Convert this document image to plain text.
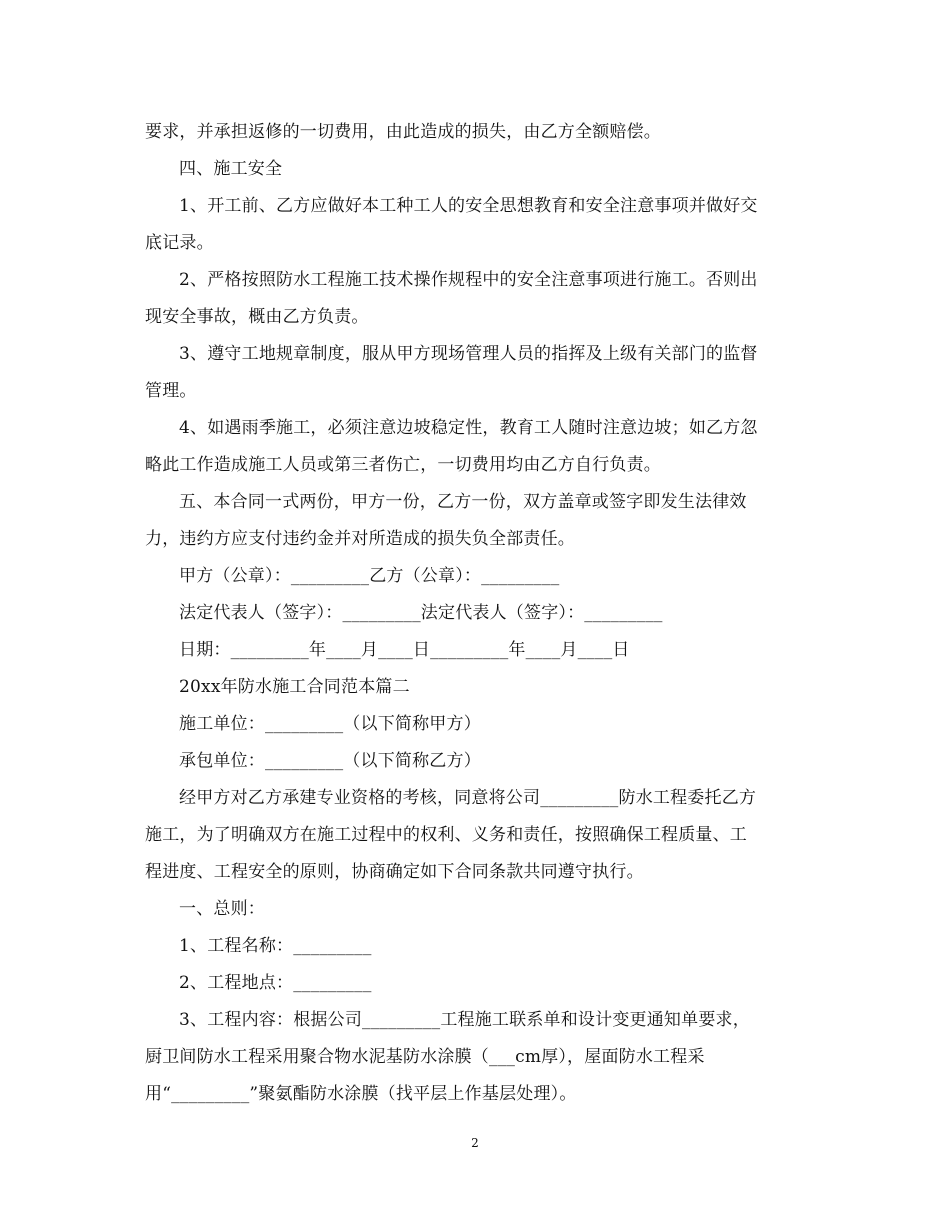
要求，并承担返修的一切费用，由此造成的损失，由乙方全额赔偿。
四、施工安全
1、开工前、乙方应做好本工种工人的安全思想教育和安全注意事项并做好交
底记录。
2、严格按照防水工程施工技术操作规程中的安全注意事项进行施工。否则出
现安全事故，概由乙方负责。
3、遵守工地规章制度，服从甲方现场管理人员的指挥及上级有关部门的监督
管理。
4、如遇雨季施工，必须注意边坡稳定性，教育工人随时注意边坡；如乙方忽
略此工作造成施工人员或第三者伤亡，一切费用均由乙方自行负责。
五、本合同一式两份，甲方一份，乙方一份，双方盖章或签字即发生法律效
力，违约方应支付违约金并对所造成的损失负全部责任。
甲方（公章）：_________乙方（公章）：_________
法定代表人（签字）：_________法定代表人（签字）：_________
日期：_________年____月____日_________年____月____日
20xx年防水施工合同范本篇二
施工单位：_________（以下简称甲方）
承包单位：_________（以下简称乙方）
经甲方对乙方承建专业资格的考核，同意将公司_________防水工程委托乙方
施工，为了明确双方在施工过程中的权利、义务和责任，按照确保工程质量、工
程进度、工程安全的原则，协商确定如下合同条款共同遵守执行。
一、总则：
1、工程名称：_________
2、工程地点：_________
3、工程内容：根据公司_________工程施工联系单和设计变更通知单要求，
厨卫间防水工程采用聚合物水泥基防水涂膜（___cm厚），屋面防水工程采
用“_________”聚氨酯防水涂膜（找平层上作基层处理）。
2
